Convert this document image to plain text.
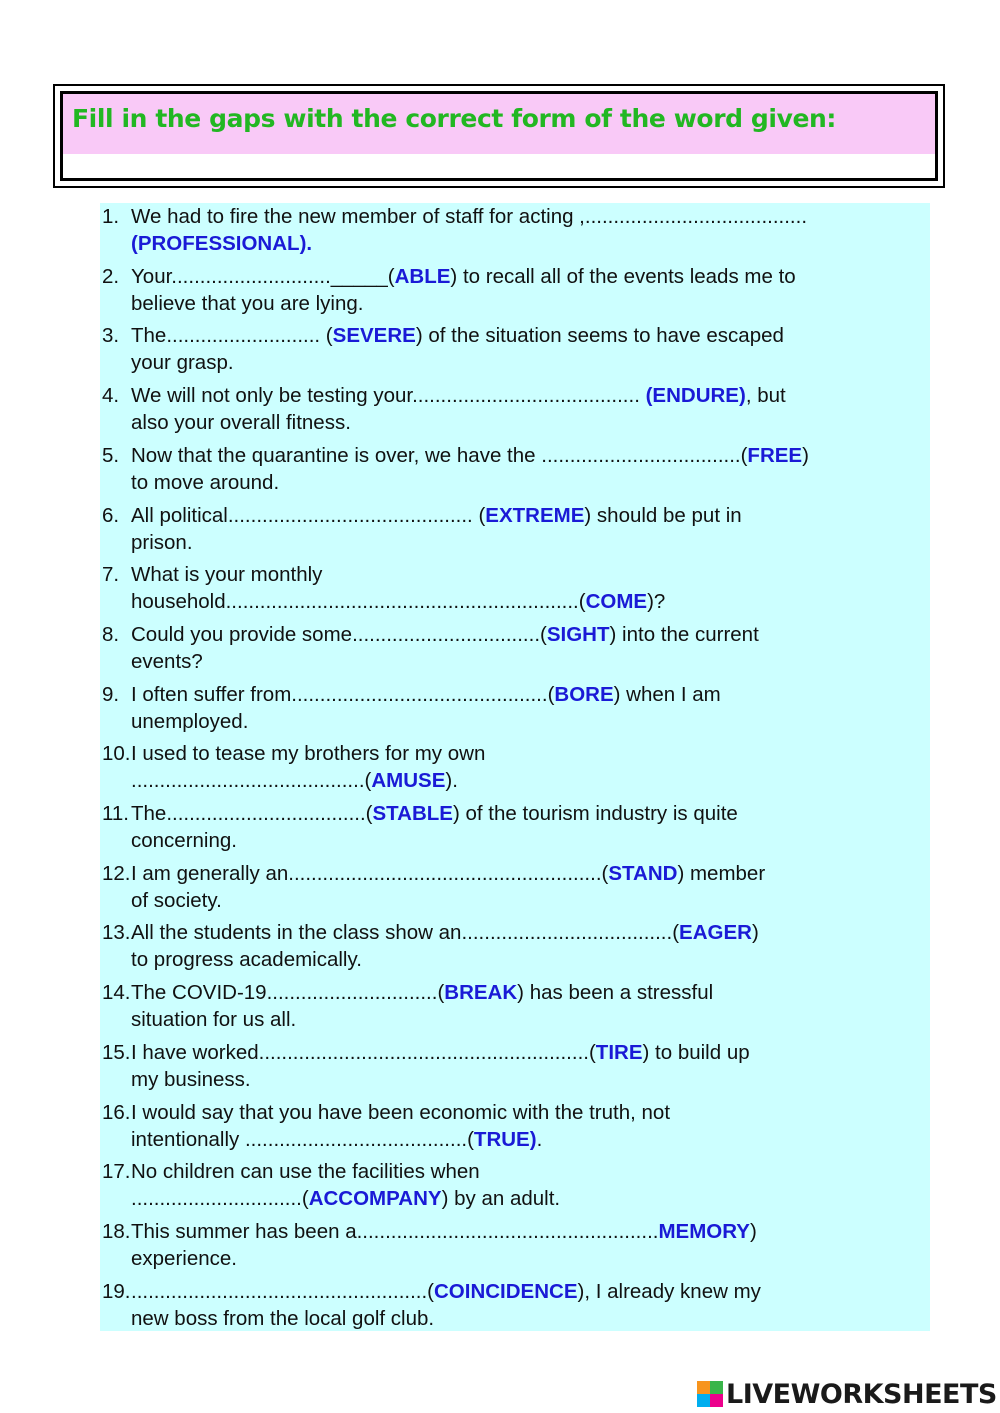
Fill in the gaps with the correct form of the word given:
1. We had to fire the new member of staff for acting ,.......................................
(PROFESSIONAL).
2. Your............................_____(ABLE) to recall all of the events leads me to
believe that you are lying.
3. The........................... (SEVERE) of the situation seems to have escaped
your grasp.
4. We will not only be testing your........................................ (ENDURE), but
also your overall fitness.
5. Now that the quarantine is over, we have the ...................................(FREE)
to move around.
6. All political........................................... (EXTREME) should be put in
prison.
7. What is your monthly
household..............................................................(COME)?
8. Could you provide some.................................(SIGHT) into the current
events?
9. I often suffer from.............................................(BORE) when I am
unemployed.
10. I used to tease my brothers for my own
.........................................(AMUSE).
11. The...................................(STABLE) of the tourism industry is quite
concerning.
12. I am generally an.......................................................(STAND) member
of society.
13. All the students in the class show an.....................................(EAGER)
to progress academically.
14. The COVID-19..............................(BREAK) has been a stressful
situation for us all.
15. I have worked..........................................................(TIRE) to build up
my business.
16. I would say that you have been economic with the truth, not
intentionally .......................................(TRUE).
17. No children can use the facilities when
..............................(ACCOMPANY) by an adult.
18. This summer has been a.....................................................MEMORY)
experience.
19. ....................................................(COINCIDENCE), I already knew my
new boss from the local golf club.
LIVEWORKSHEETS
